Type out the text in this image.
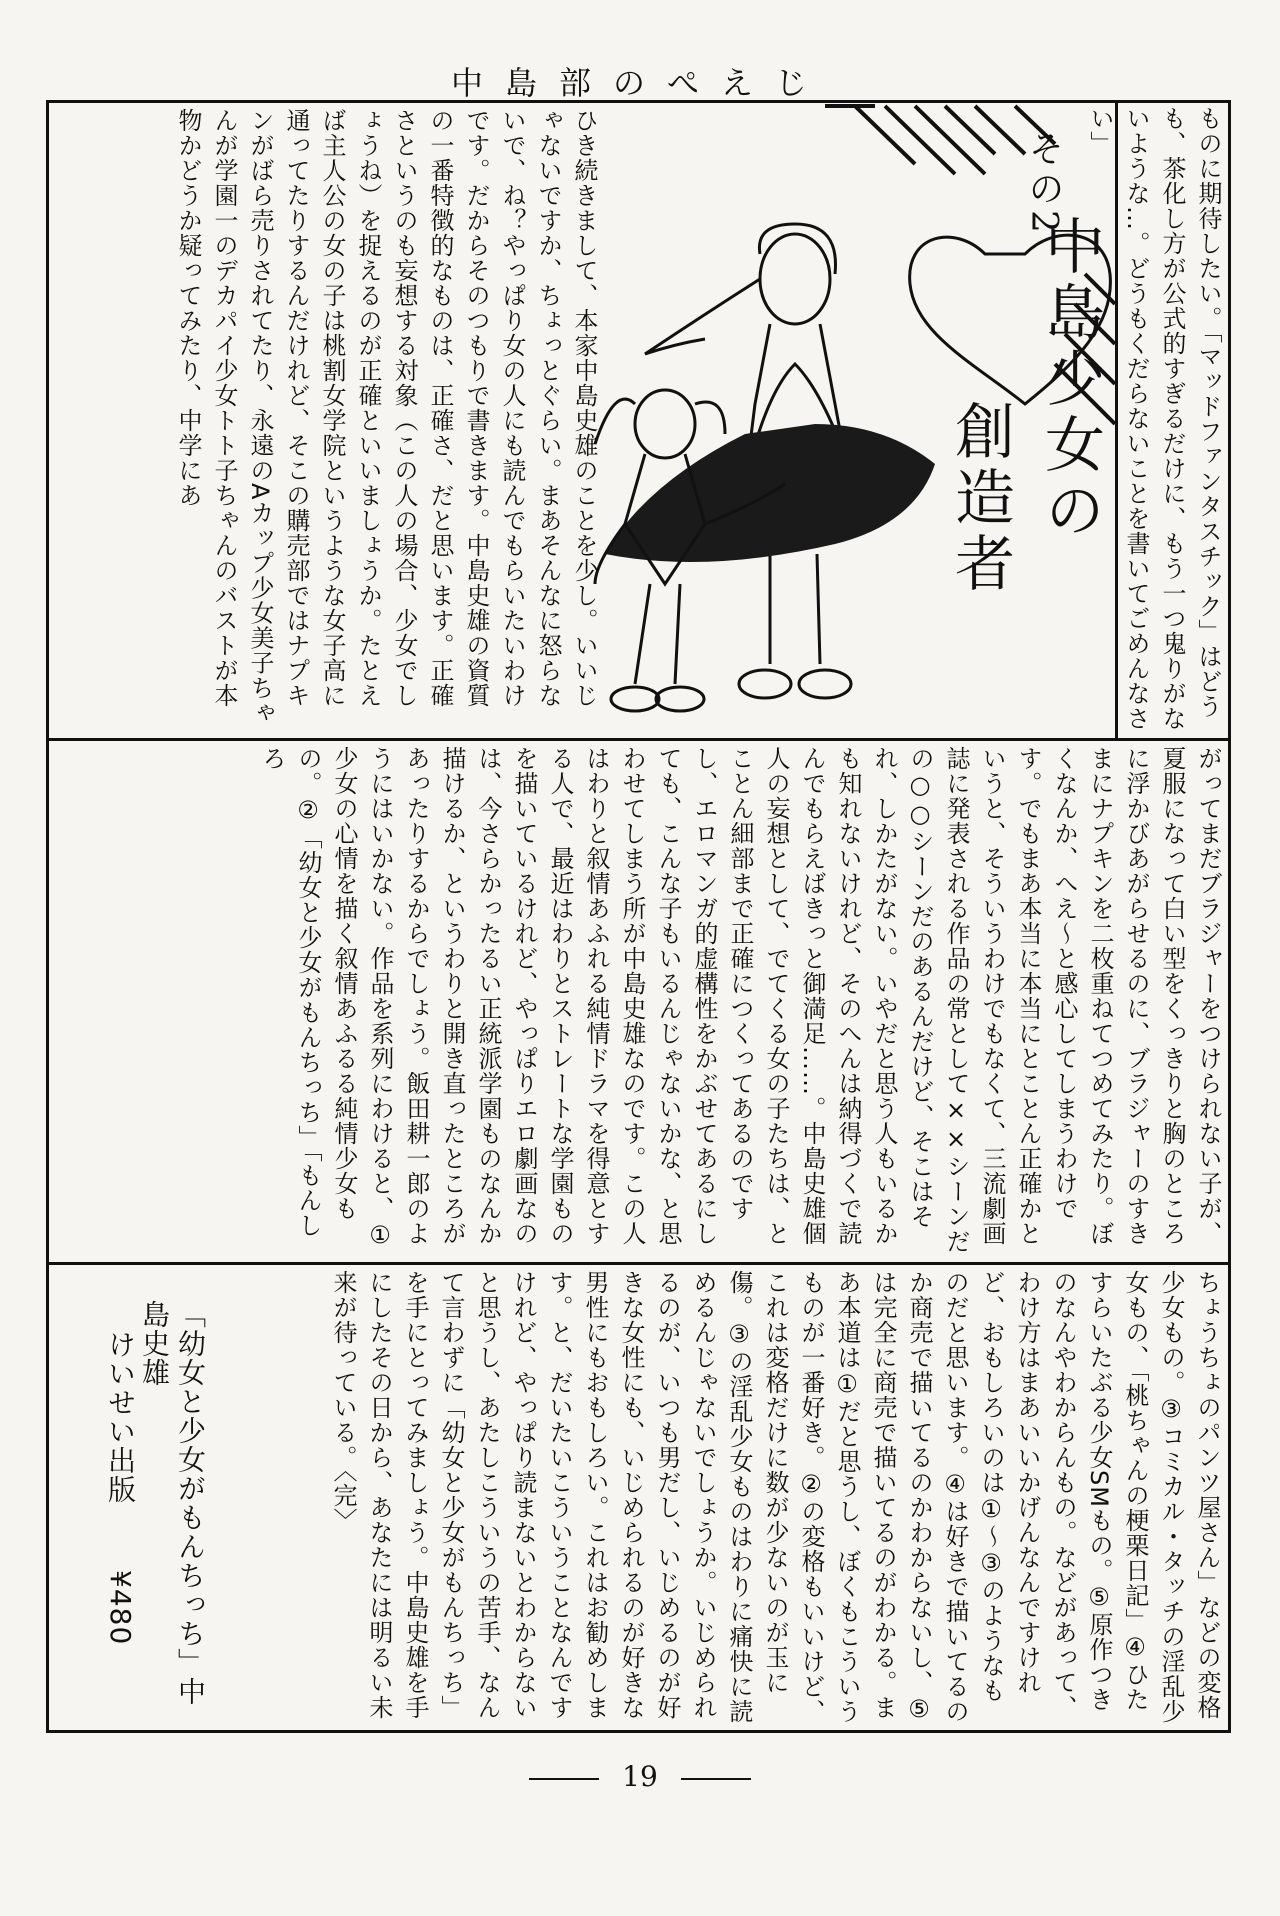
中島部のぺえじ
ものに期待したい。「マッドファンタスチック」はどうも、茶化し方が公式的すぎるだけに、もう一つ鬼りがないような…。どうもくだらないことを書いてごめんなさい」
その2
中島少女の
創造者
ひき続きまして、本家中島史雄のことを少し。いいじゃないですか、ちょっとぐらい。まあそんなに怒らないで、ね？やっぱり女の人にも読んでもらいたいわけです。だからそのつもりで書きます。中島史雄の資質の一番特徴的なものは、正確さ、だと思います。正確さというのも妄想する対象（この人の場合、少女でしょうね）を捉えるのが正確といいましょうか。たとえば主人公の女の子は桃割女学院というような女子高に通ってたりするんだけれど、そこの購売部ではナプキンがばら売りされてたり、永遠のAカップ少女美子ちゃんが学園一のデカパイ少女トト子ちゃんのバストが本物かどうか疑ってみたり、中学にあ
がってまだブラジャーをつけられない子が、夏服になって白い型をくっきりと胸のところに浮かびあがらせるのに、ブラジャーのすきまにナプキンを二枚重ねてつめてみたり。ぼくなんか、へえ〜と感心してしまうわけです。でもまあ本当に本当にとことん正確かというと、そういうわけでもなくて、三流劇画誌に発表される作品の常として××シーンだの○○シーンだのあるんだけど、そこはそれ、しかたがない。いやだと思う人もいるかも知れないけれど、そのへんは納得づくで読んでもらえばきっと御満足……。中島史雄個人の妄想として、でてくる女の子たちは、とことん細部まで正確につくってあるのですし、エロマンガ的虚構性をかぶせてあるにしても、こんな子もいるんじゃないかな、と思わせてしまう所が中島史雄なのです。この人はわりと叙情あふれる純情ドラマを得意とする人で、最近はわりとストレートな学園ものを描いているけれど、やっぱりエロ劇画なのは、今さらかったるい正統派学園ものなんか描けるか、というわりと開き直ったところがあったりするからでしょう。飯田耕一郎のようにはいかない。作品を系列にわけると、①少女の心情を描く叙情あふるる純情少女もの。②「幼女と少女がもんちっち」「もんしろ
ちょうちょのパンツ屋さん」などの変格少女もの。③コミカル・タッチの淫乱少女もの、「桃ちゃんの梗栗日記」④ひたすらいたぶる少女SMもの。⑤原作つきのなんやわからんもの。などがあって、わけ方はまあいいかげんなんですけれど、おもしろいのは①〜③のようなものだと思います。④は好きで描いてるのか商売で描いてるのかわからないし、⑤は完全に商売で描いてるのがわかる。まあ本道は①だと思うし、ぼくもこういうものが一番好き。②の変格もいいけど、これは変格だけに数が少ないのが玉に傷。③の淫乱少女ものはわりに痛快に読めるんじゃないでしょうか。いじめられるのが、いつも男だし、いじめるのが好きな女性にも、いじめられるのが好きな男性にもおもしろい。これはお勧めします。と、だいたいこういうことなんですけれど、やっぱり読まないとわからないと思うし、あたしこういうの苦手、なんて言わずに「幼女と少女がもんちっち」を手にとってみましょう。中島史雄を手にしたその日から、あなたには明るい未来が待っている。〈完〉
「幼女と少女がもんちっち」中島史雄
けいせい出版
¥480
19
